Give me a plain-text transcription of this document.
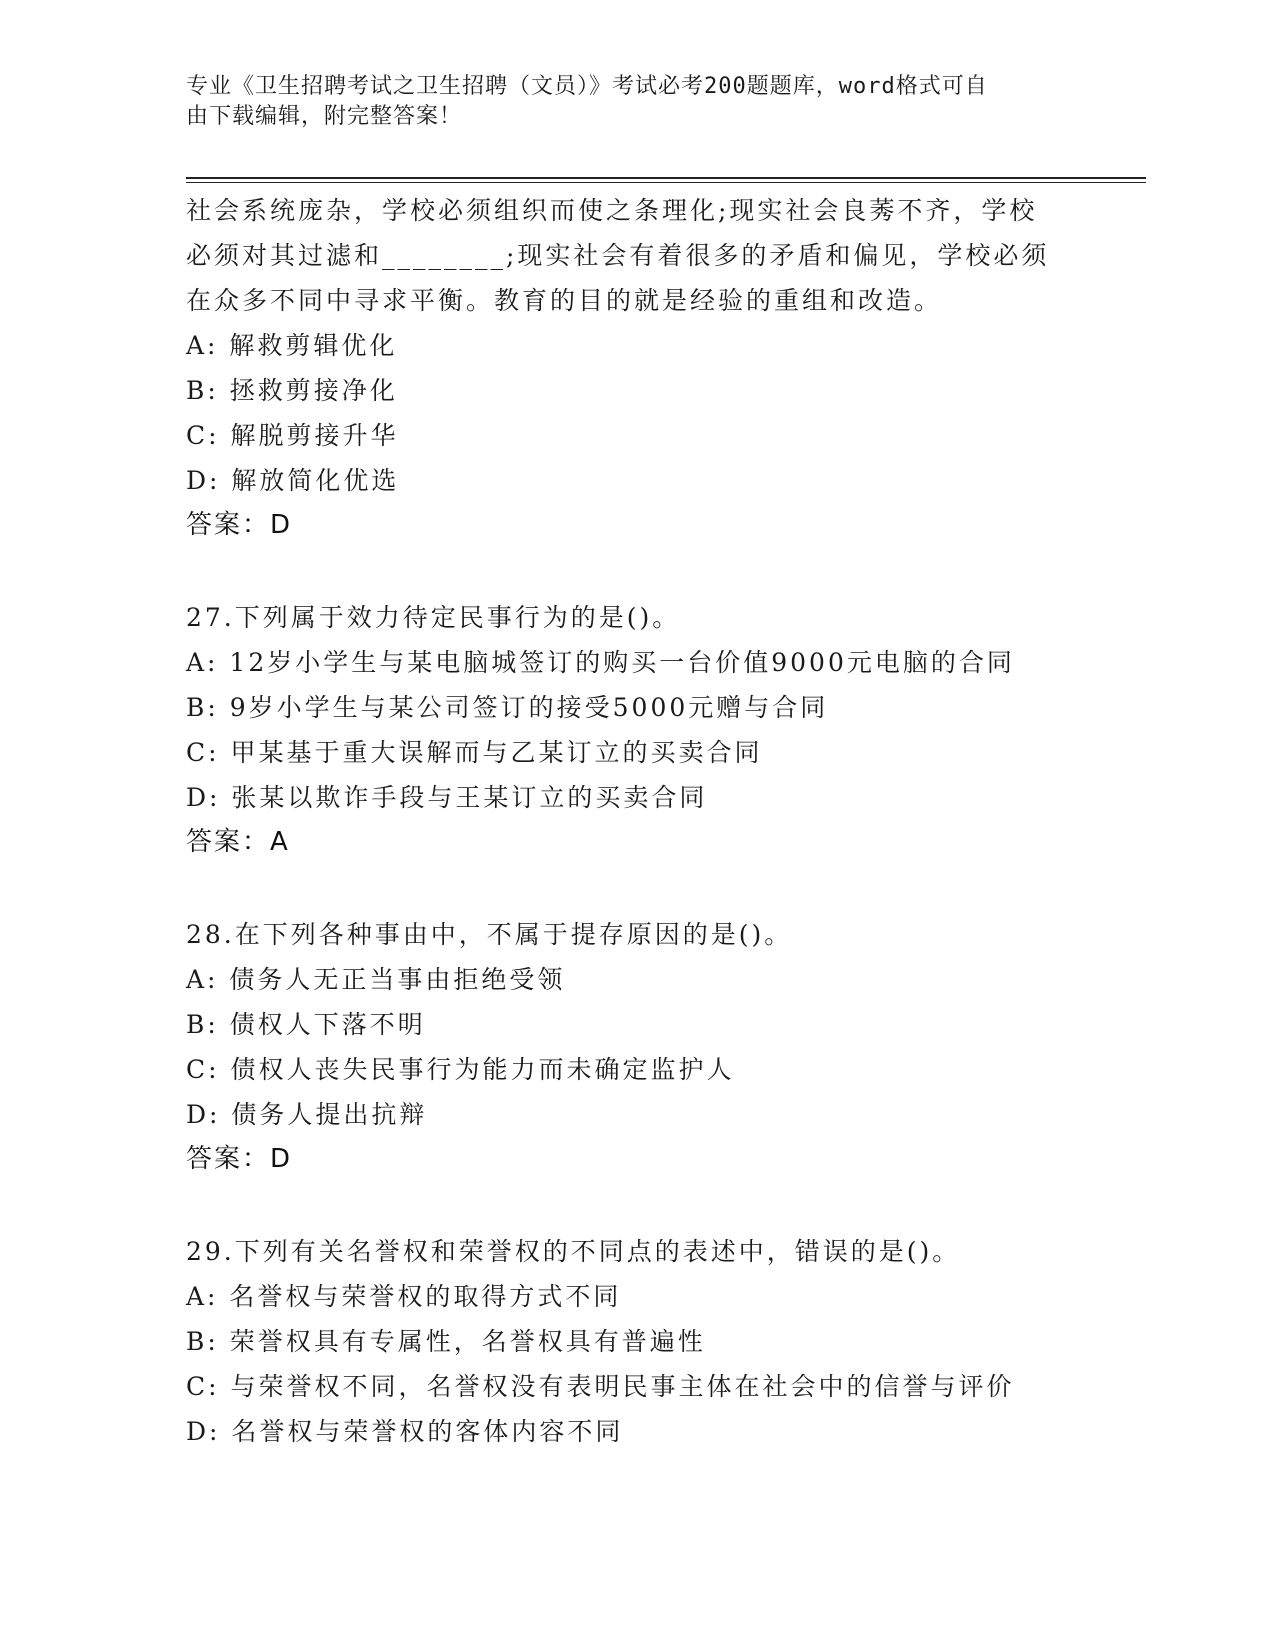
专业《卫生招聘考试之卫生招聘（文员）》考试必考200题题库，word格式可自
由下载编辑，附完整答案！
社会系统庞杂，学校必须组织而使之条理化;现实社会良莠不齐，学校
必须对其过滤和________;现实社会有着很多的矛盾和偏见，学校必须
在众多不同中寻求平衡。教育的目的就是经验的重组和改造。
A: 解救剪辑优化
B: 拯救剪接净化
C: 解脱剪接升华
D: 解放简化优选
答案：D
27.下列属于效力待定民事行为的是()。
A: 12岁小学生与某电脑城签订的购买一台价值9000元电脑的合同
B: 9岁小学生与某公司签订的接受5000元赠与合同
C: 甲某基于重大误解而与乙某订立的买卖合同
D: 张某以欺诈手段与王某订立的买卖合同
答案：A
28.在下列各种事由中，不属于提存原因的是()。
A: 债务人无正当事由拒绝受领
B: 债权人下落不明
C: 债权人丧失民事行为能力而未确定监护人
D: 债务人提出抗辩
答案：D
29.下列有关名誉权和荣誉权的不同点的表述中，错误的是()。
A: 名誉权与荣誉权的取得方式不同
B: 荣誉权具有专属性，名誉权具有普遍性
C: 与荣誉权不同，名誉权没有表明民事主体在社会中的信誉与评价
D: 名誉权与荣誉权的客体内容不同
